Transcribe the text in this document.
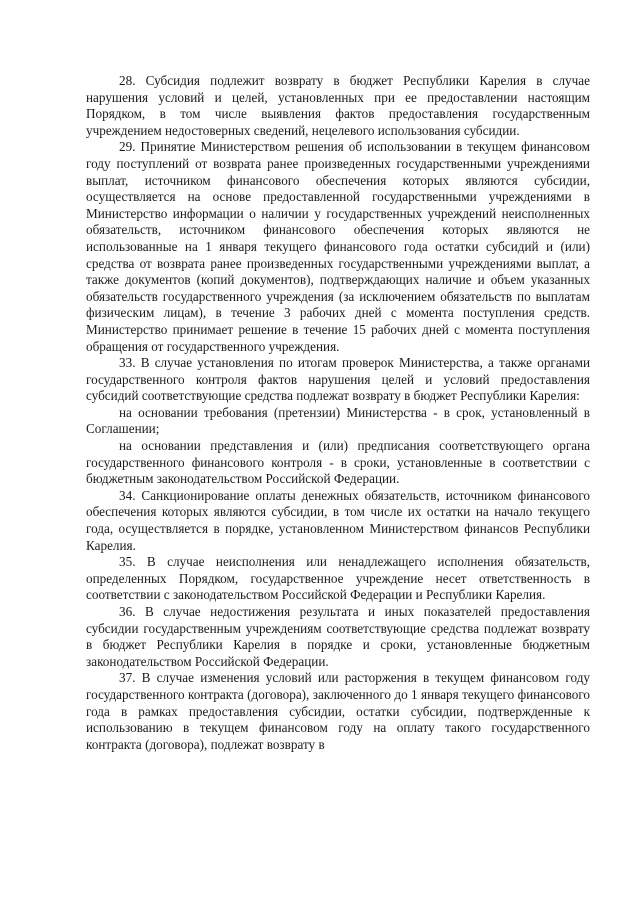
28. Субсидия подлежит возврату в бюджет Республики Карелия в случае нарушения условий и целей, установленных при ее предоставлении настоящим Порядком, в том числе выявления фактов предоставления государственным учреждением недостоверных сведений, нецелевого использования субсидии.

29. Принятие Министерством решения об использовании в текущем финансовом году поступлений от возврата ранее произведенных государственными учреждениями выплат, источником финансового обеспечения которых являются субсидии, осуществляется на основе предоставленной государственными учреждениями в Министерство информации о наличии у государственных учреждений неисполненных обязательств, источником финансового обеспечения которых являются не использованные на 1 января текущего финансового года остатки субсидий и (или) средства от возврата ранее произведенных государственными учреждениями выплат, а также документов (копий документов), подтверждающих наличие и объем указанных обязательств государственного учреждения (за исключением обязательств по выплатам физическим лицам), в течение 3 рабочих дней с момента поступления средств. Министерство принимает решение в течение 15 рабочих дней с момента поступления обращения от государственного учреждения.

33. В случае установления по итогам проверок Министерства, а также органами государственного контроля фактов нарушения целей и условий предоставления субсидий соответствующие средства подлежат возврату в бюджет Республики Карелия:

на основании требования (претензии) Министерства - в срок, установленный в Соглашении;

на основании представления и (или) предписания соответствующего органа государственного финансового контроля - в сроки, установленные в соответствии с бюджетным законодательством Российской Федерации.

34. Санкционирование оплаты денежных обязательств, источником финансового обеспечения которых являются субсидии, в том числе их остатки на начало текущего года, осуществляется в порядке, установленном Министерством финансов Республики Карелия.

35. В случае неисполнения или ненадлежащего исполнения обязательств, определенных Порядком, государственное учреждение несет ответственность в соответствии с законодательством Российской Федерации и Республики Карелия.

36. В случае недостижения результата и иных показателей предоставления субсидии государственным учреждениям соответствующие средства подлежат возврату в бюджет Республики Карелия в порядке и сроки, установленные бюджетным законодательством Российской Федерации.

37. В случае изменения условий или расторжения в текущем финансовом году государственного контракта (договора), заключенного до 1 января текущего финансового года в рамках предоставления субсидии, остатки субсидии, подтвержденные к использованию в текущем финансовом году на оплату такого государственного контракта (договора), подлежат возврату в
